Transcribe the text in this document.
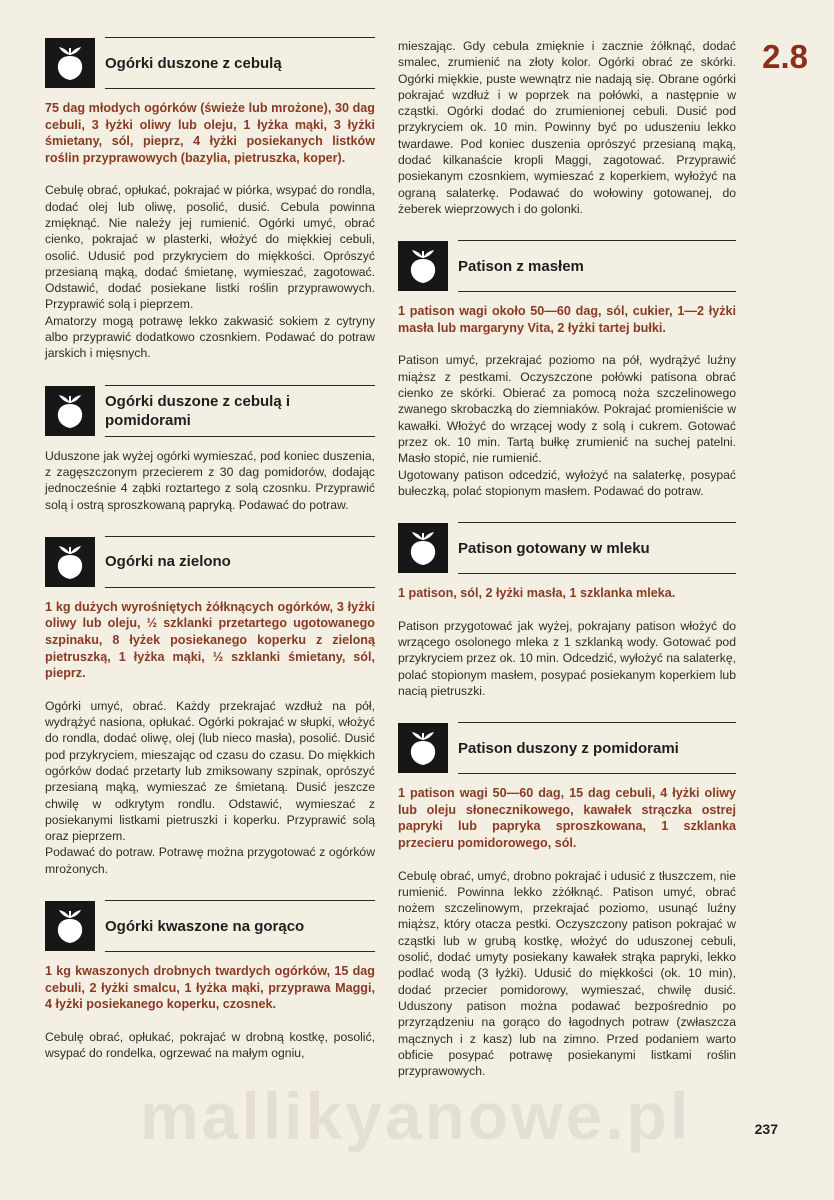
mallikyanowe.pl
2.8
237
Ogórki duszone z cebulą

75 dag młodych ogórków (świeże lub mrożone), 30 dag cebuli, 3 łyżki oliwy lub oleju, 1 łyżka mąki, 3 łyżki śmietany, sól, pieprz, 4 łyżki posiekanych listków roślin przyprawowych (bazylia, pietruszka, koper).

Cebulę obrać, opłukać, pokrajać w piórka, wsypać do rondla, dodać olej lub oliwę, posolić, dusić. Cebula powinna zmięknąć. Nie należy jej rumienić. Ogórki umyć, obrać cienko, pokrajać w plasterki, włożyć do miękkiej cebuli, osolić. Udusić pod przykryciem do miękkości. Oprószyć przesianą mąką, dodać śmietanę, wymieszać, zagotować. Odstawić, dodać posiekane listki roślin przyprawowych. Przyprawić solą i pieprzem.
Amatorzy mogą potrawę lekko zakwasić sokiem z cytryny albo przyprawić dodatkowo czosnkiem. Podawać do potraw jarskich i mięsnych.

Ogórki duszone z cebulą i pomidorami

Uduszone jak wyżej ogórki wymieszać, pod koniec duszenia, z zagęszczonym przecierem z 30 dag pomidorów, dodając jednocześnie 4 ząbki roztartego z solą czosnku. Przyprawić solą i ostrą sproszkowaną papryką. Podawać do potraw.

Ogórki na zielono

1 kg dużych wyrośniętych żółknących ogórków, 3 łyżki oliwy lub oleju, ½ szklanki przetartego ugotowanego szpinaku, 8 łyżek posiekanego koperku z zieloną pietruszką, 1 łyżka mąki, ½ szklanki śmietany, sól, pieprz.

Ogórki umyć, obrać. Każdy przekrajać wzdłuż na pół, wydrążyć nasiona, opłukać. Ogórki pokrajać w słupki, włożyć do rondla, dodać oliwę, olej (lub nieco masła), posolić. Dusić pod przykryciem, mieszając od czasu do czasu. Do miękkich ogórków dodać przetarty lub zmiksowany szpinak, oprószyć przesianą mąką, wymieszać ze śmietaną. Dusić jeszcze chwilę w odkrytym rondlu. Odstawić, wymieszać z posiekanymi listkami pietruszki i koperku. Przyprawić solą oraz pieprzem.
Podawać do potraw. Potrawę można przygotować z ogórków mrożonych.

Ogórki kwaszone na gorąco

1 kg kwaszonych drobnych twardych ogórków, 15 dag cebuli, 2 łyżki smalcu, 1 łyżka mąki, przyprawa Maggi, 4 łyżki posiekanego koperku, czosnek.

Cebulę obrać, opłukać, pokrajać w drobną kostkę, posolić, wsypać do rondelka, ogrzewać na małym ogniu,

mieszając. Gdy cebula zmięknie i zacznie żółknąć, dodać smalec, zrumienić na złoty kolor. Ogórki obrać ze skórki. Ogórki miękkie, puste wewnątrz nie nadają się. Obrane ogórki pokrajać wzdłuż i w poprzek na połówki, a następnie w cząstki. Ogórki dodać do zrumienionej cebuli. Dusić pod przykryciem ok. 10 min. Powinny być po uduszeniu lekko twardawe. Pod koniec duszenia oprószyć przesianą mąką, dodać kilkanaście kropli Maggi, zagotować. Przyprawić posiekanym czosnkiem, wymieszać z koperkiem, wyłożyć na ograną salaterkę. Podawać do wołowiny gotowanej, do żeberek wieprzowych i do golonki.

Patison z masłem

1 patison wagi około 50—60 dag, sól, cukier, 1—2 łyżki masła lub margaryny Vita, 2 łyżki tartej bułki.

Patison umyć, przekrajać poziomo na pół, wydrążyć luźny miąższ z pestkami. Oczyszczone połówki patisona obrać cienko ze skórki. Obierać za pomocą noża szczelinowego zwanego skrobaczką do ziemniaków. Pokrajać promieniście w kawałki. Włożyć do wrzącej wody z solą i cukrem. Gotować przez ok. 10 min. Tartą bułkę zrumienić na suchej patelni. Masło stopić, nie rumienić.
Ugotowany patison odcedzić, wyłożyć na salaterkę, posypać bułeczką, polać stopionym masłem. Podawać do potraw.

Patison gotowany w mleku

1 patison, sól, 2 łyżki masła, 1 szklanka mleka.

Patison przygotować jak wyżej, pokrajany patison włożyć do wrzącego osolonego mleka z 1 szklanką wody. Gotować pod przykryciem przez ok. 10 min. Odcedzić, wyłożyć na salaterkę, polać stopionym masłem, posypać posiekanym koperkiem lub nacią pietruszki.

Patison duszony z pomidorami

1 patison wagi 50—60 dag, 15 dag cebuli, 4 łyżki oliwy lub oleju słonecznikowego, kawałek strączka ostrej papryki lub papryka sproszkowana, 1 szklanka przecieru pomidorowego, sól.

Cebulę obrać, umyć, drobno pokrajać i udusić z tłuszczem, nie rumienić. Powinna lekko zżółknąć. Patison umyć, obrać nożem szczelinowym, przekrajać poziomo, usunąć luźny miąższ, który otacza pestki. Oczyszczony patison pokrajać w cząstki lub w grubą kostkę, włożyć do uduszonej cebuli, osolić, dodać umyty posiekany kawałek strąka papryki, lekko podlać wodą (3 łyżki). Udusić do miękkości (ok. 10 min), dodać przecier pomidorowy, wymieszać, chwilę dusić. Uduszony patison można podawać bezpośrednio po przyrządzeniu na gorąco do łagodnych potraw (zwłaszcza mącznych i z kasz) lub na zimno. Przed podaniem warto obficie posypać potrawę posiekanymi listkami roślin przyprawowych.
